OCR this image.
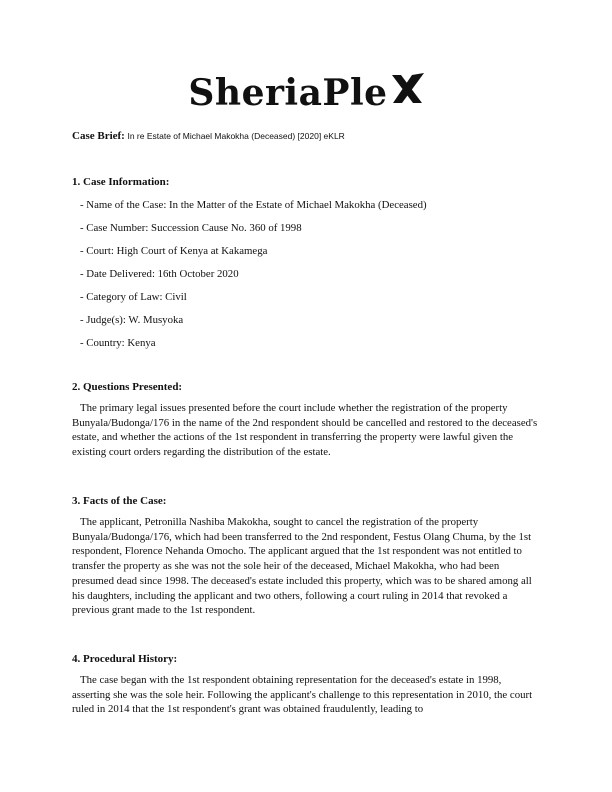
SheriaPle
Case Brief: In re Estate of Michael Makokha (Deceased) [2020] eKLR

1. Case Information:

- Name of the Case: In the Matter of the Estate of Michael Makokha (Deceased)
- Case Number: Succession Cause No. 360 of 1998
- Court: High Court of Kenya at Kakamega
- Date Delivered: 16th October 2020
- Category of Law: Civil
- Judge(s): W. Musyoka
- Country: Kenya

2. Questions Presented:

The primary legal issues presented before the court include whether the registration of the property Bunyala/Budonga/176 in the name of the 2nd respondent should be cancelled and restored to the deceased's estate, and whether the actions of the 1st respondent in transferring the property were lawful given the existing court orders regarding the distribution of the estate.

3. Facts of the Case:

The applicant, Petronilla Nashiba Makokha, sought to cancel the registration of the property Bunyala/Budonga/176, which had been transferred to the 2nd respondent, Festus Olang Chuma, by the 1st respondent, Florence Nehanda Omocho. The applicant argued that the 1st respondent was not entitled to transfer the property as she was not the sole heir of the deceased, Michael Makokha, who had been presumed dead since 1998. The deceased's estate included this property, which was to be shared among all his daughters, including the applicant and two others, following a court ruling in 2014 that revoked a previous grant made to the 1st respondent.

4. Procedural History:

The case began with the 1st respondent obtaining representation for the deceased's estate in 1998, asserting she was the sole heir. Following the applicant's challenge to this representation in 2010, the court ruled in 2014 that the 1st respondent's grant was obtained fraudulently, leading to
